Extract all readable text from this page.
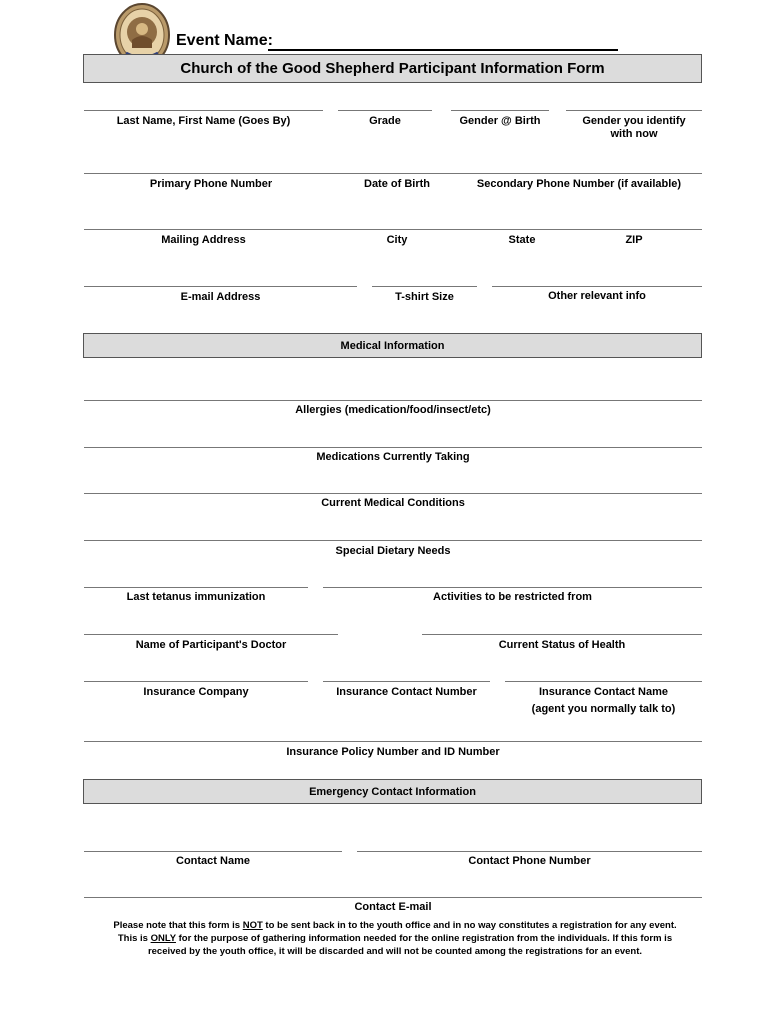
Event Name:
Church of the Good Shepherd Participant Information Form
Last Name, First Name (Goes By)	Grade	Gender @ Birth	Gender you identify
with now
Primary Phone Number	Date of Birth	Secondary Phone Number (if available)
Mailing Address	City	State	ZIP
E-mail Address	T-shirt Size	Other relevant info
Medical Information
Allergies (medication/food/insect/etc)
Medications Currently Taking
Current Medical Conditions
Special Dietary Needs
Last tetanus immunization	Activities to be restricted from
Name of Participant's Doctor	Current Status of Health
Insurance Company	Insurance Contact Number	Insurance Contact Name
(agent you normally talk to)
Insurance Policy Number and ID Number
Emergency Contact Information
Contact Name	Contact Phone Number
Contact E-mail
Please note that this form is NOT to be sent back in to the youth office and in no way constitutes a registration for any event.
This is ONLY for the purpose of gathering information needed for the online registration from the individuals. If this form is
received by the youth office, it will be discarded and will not be counted among the registrations for an event.
